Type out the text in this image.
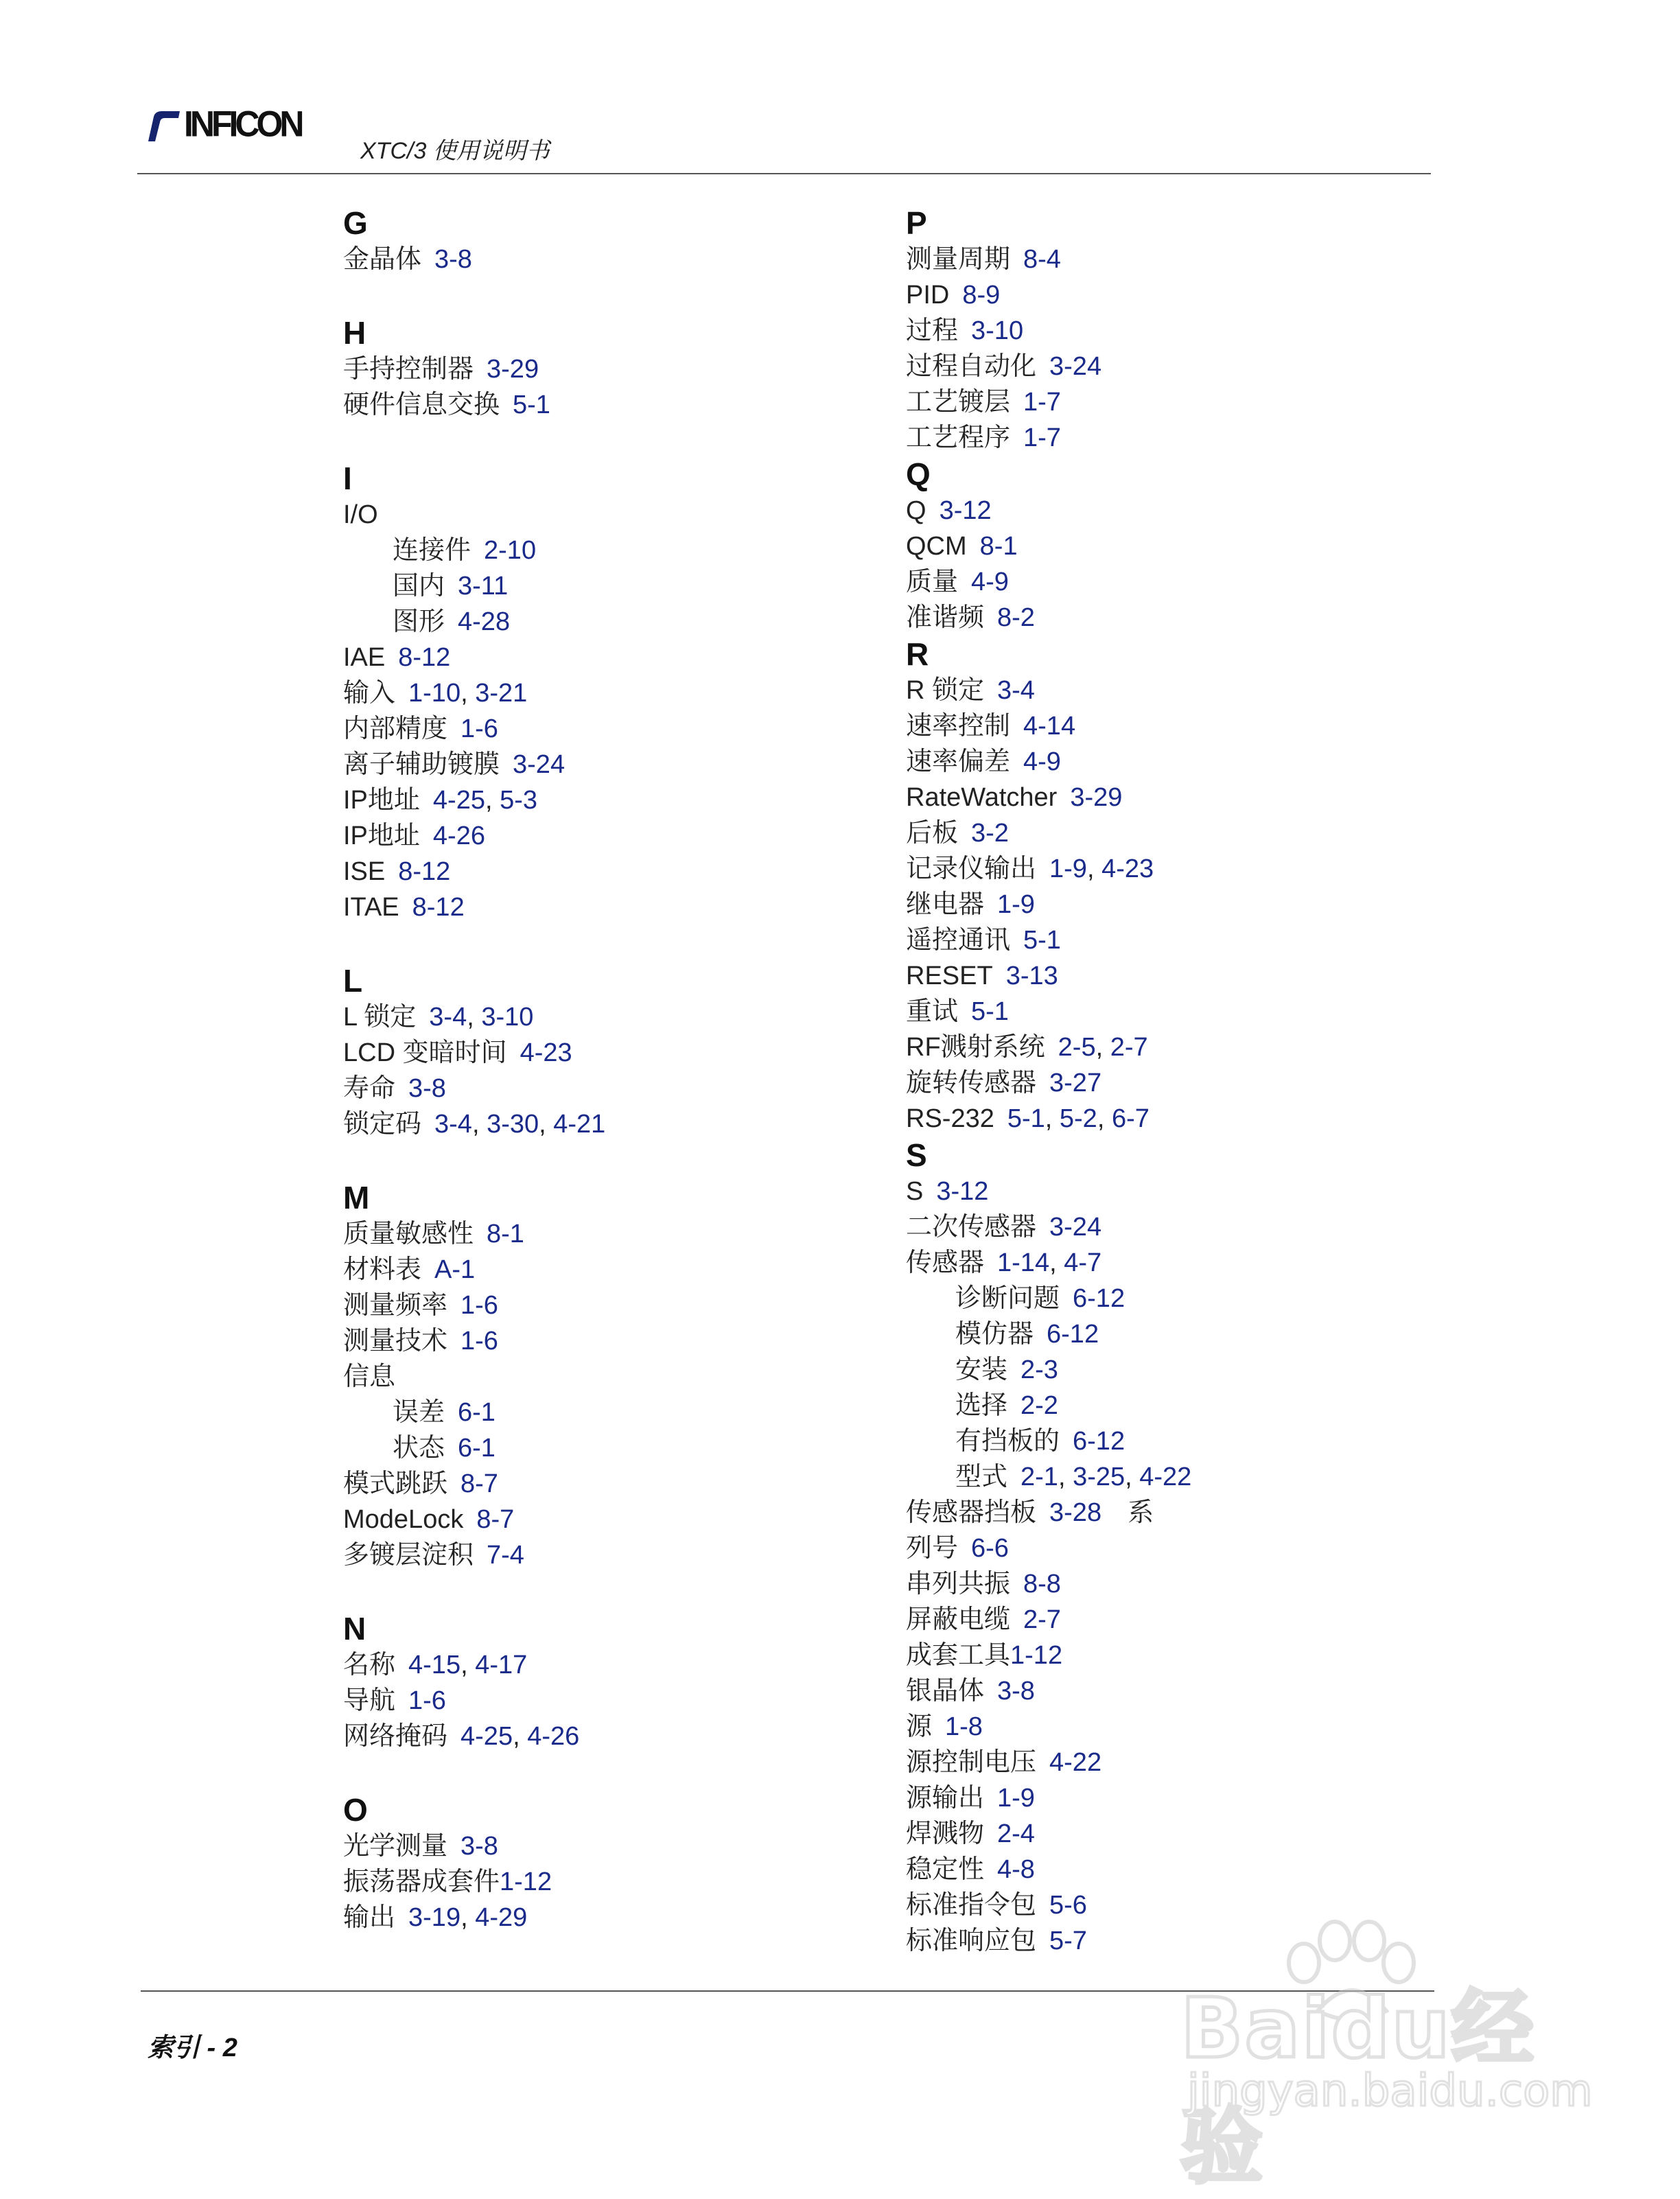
INFICON
XTC/3 使用说明书
G
金晶体  3-8
H
手持控制器  3-29
硬件信息交换  5-1
I
I/O
连接件  2-10
国内  3-11
图形  4-28
IAE  8-12
输入  1-10, 3-21
内部精度  1-6
离子辅助镀膜  3-24
IP地址  4-25, 5-3
IP地址  4-26
ISE  8-12
ITAE  8-12
L
L 锁定  3-4, 3-10
LCD 变暗时间  4-23
寿命  3-8
锁定码  3-4, 3-30, 4-21
M
质量敏感性  8-1
材料表  A-1
测量频率  1-6
测量技术  1-6
信息
误差  6-1
状态  6-1
模式跳跃  8-7
ModeLock  8-7
多镀层淀积  7-4
N
名称  4-15, 4-17
导航  1-6
网络掩码  4-25, 4-26
O
光学测量  3-8
振荡器成套件1-12
输出  3-19, 4-29
P
测量周期  8-4
PID  8-9
过程  3-10
过程自动化  3-24
工艺镀层  1-7
工艺程序  1-7
Q
Q  3-12
QCM  8-1
质量  4-9
准谐频  8-2
R
R 锁定  3-4
速率控制  4-14
速率偏差  4-9
RateWatcher  3-29
后板  3-2
记录仪输出  1-9, 4-23
继电器  1-9
遥控通讯  5-1
RESET  3-13
重试  5-1
RF溅射系统  2-5, 2-7
旋转传感器  3-27
RS-232  5-1, 5-2, 6-7
S
S  3-12
二次传感器  3-24
传感器  1-14, 4-7
诊断问题  6-12
模仿器  6-12
安装  2-3
选择  2-2
有挡板的  6-12
型式  2-1, 3-25, 4-22
传感器挡板  3-28  系
列号  6-6
串列共振  8-8
屏蔽电缆  2-7
成套工具1-12
银晶体  3-8
源  1-8
源控制电压  4-22
源输出  1-9
焊溅物  2-4
稳定性  4-8
标准指令包  5-6
标准响应包  5-7
索引 - 2	Baidu经验
jingyan.baidu.com
